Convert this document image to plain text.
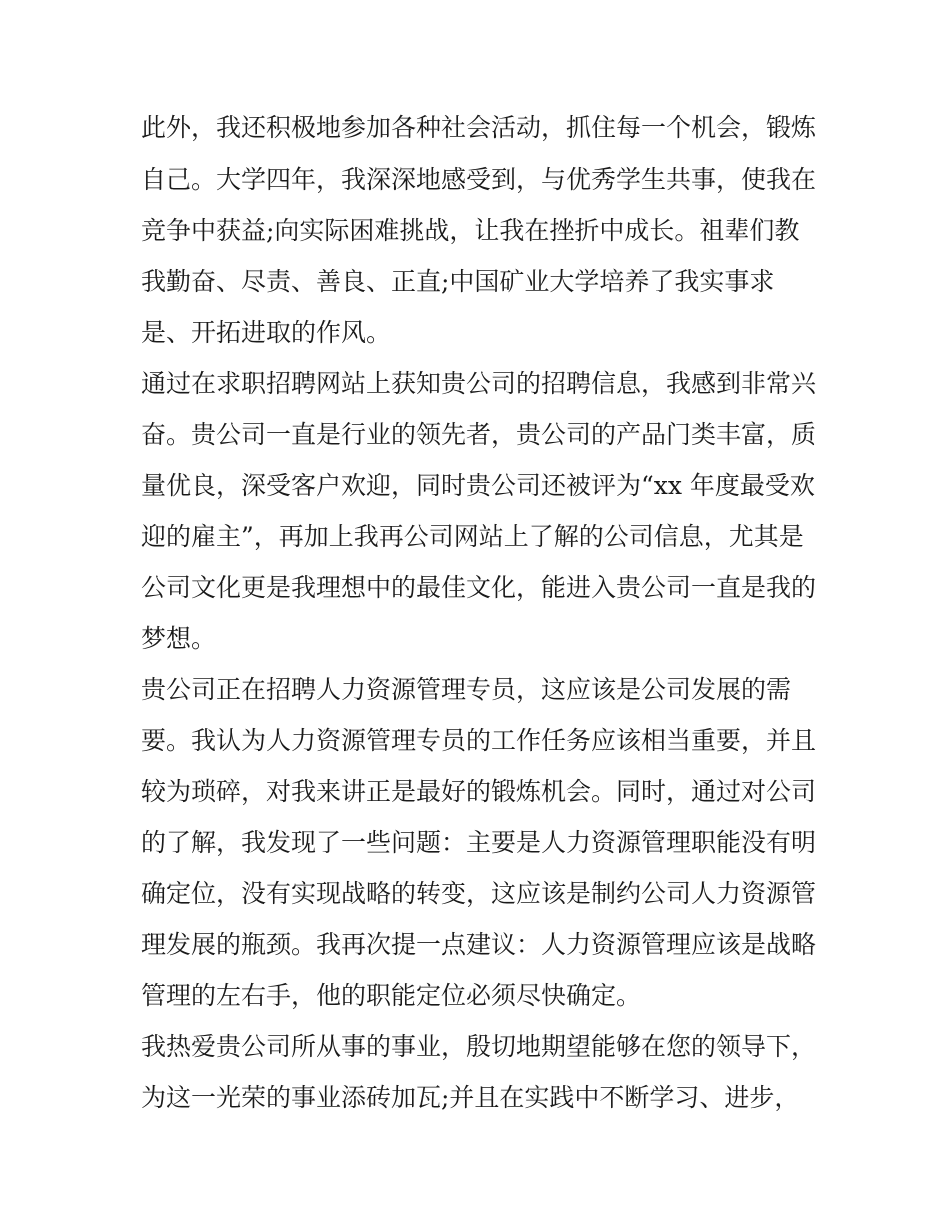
此外，我还积极地参加各种社会活动，抓住每一个机会，锻炼
自己。大学四年，我深深地感受到，与优秀学生共事，使我在
竞争中获益;向实际困难挑战，让我在挫折中成长。祖辈们教
我勤奋、尽责、善良、正直;中国矿业大学培养了我实事求
是、开拓进取的作风。
通过在求职招聘网站上获知贵公司的招聘信息，我感到非常兴
奋。贵公司一直是行业的领先者，贵公司的产品门类丰富，质
量优良，深受客户欢迎，同时贵公司还被评为“xx 年度最受欢
迎的雇主”，再加上我再公司网站上了解的公司信息，尤其是
公司文化更是我理想中的最佳文化，能进入贵公司一直是我的
梦想。
贵公司正在招聘人力资源管理专员，这应该是公司发展的需
要。我认为人力资源管理专员的工作任务应该相当重要，并且
较为琐碎，对我来讲正是最好的锻炼机会。同时，通过对公司
的了解，我发现了一些问题：主要是人力资源管理职能没有明
确定位，没有实现战略的转变，这应该是制约公司人力资源管
理发展的瓶颈。我再次提一点建议：人力资源管理应该是战略
管理的左右手，他的职能定位必须尽快确定。
我热爱贵公司所从事的事业，殷切地期望能够在您的领导下，
为这一光荣的事业添砖加瓦;并且在实践中不断学习、进步，
